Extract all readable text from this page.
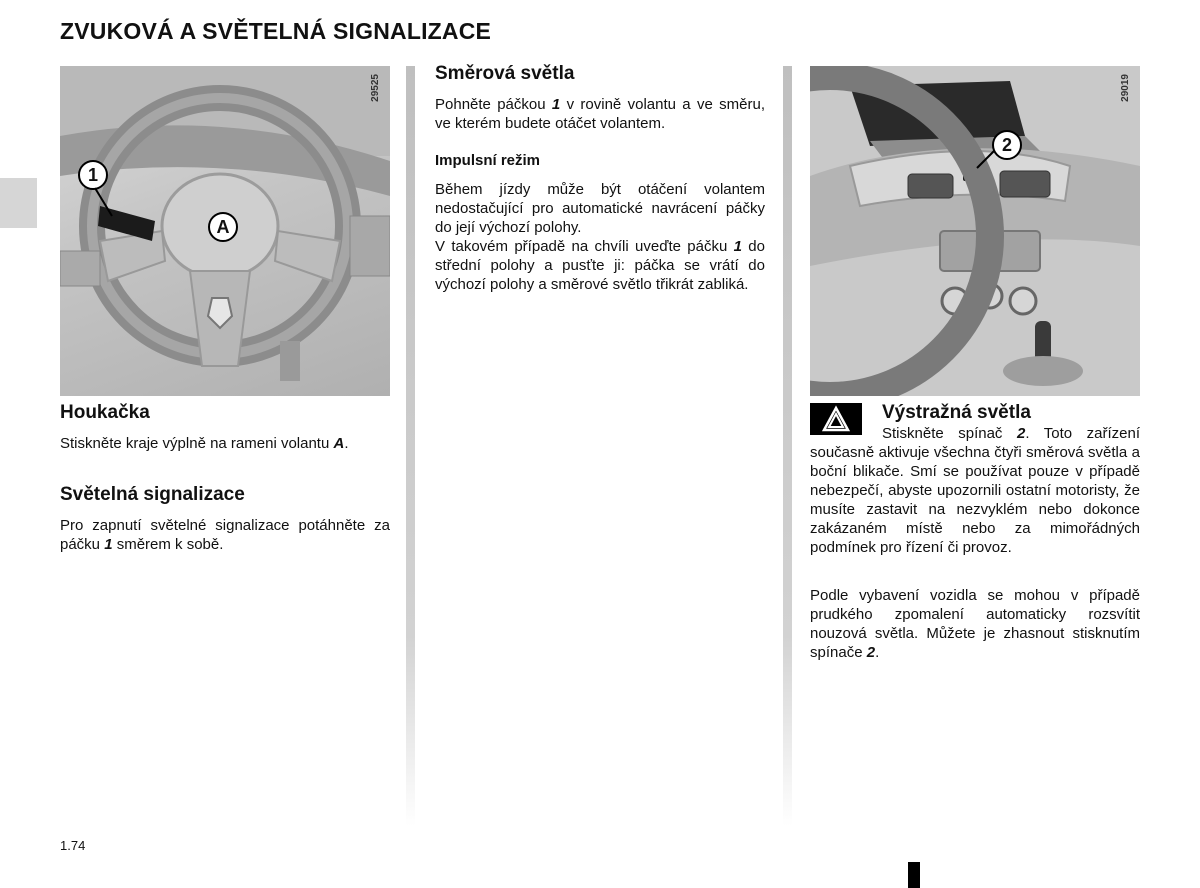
ZVUKOVÁ A SVĚTELNÁ SIGNALIZACE
29525
1
A
Houkačka
Stiskněte kraje výplně na rameni volantu A.
Světelná signalizace
Pro zapnutí světelné signalizace potáhněte za páčku 1 směrem k sobě.
Směrová světla
Pohněte páčkou 1 v rovině volantu a ve směru, ve kterém budete otáčet volantem.
Impulsní režim
Během jízdy může být otáčení volantem nedostačující pro automatické navrácení páčky do její výchozí polohy.
V takovém případě na chvíli uveďte páčku 1 do střední polohy a pusťte ji: páčka se vrátí do výchozí polohy a směrové světlo třikrát zabliká.
29019
2
Výstražná světla
Stiskněte spínač 2. Toto zařízení současně aktivuje všechna čtyři směrová světla a boční blikače. Smí se používat pouze v případě nebezpečí, abyste upozornili ostatní motoristy, že musíte zastavit na nezvyklém nebo dokonce zakázaném místě nebo za mimořádných podmínek pro řízení či provoz.
Podle vybavení vozidla se mohou v případě prudkého zpomalení automaticky rozsvítit nouzová světla. Můžete je zhasnout stisknutím spínače 2.
1.74
